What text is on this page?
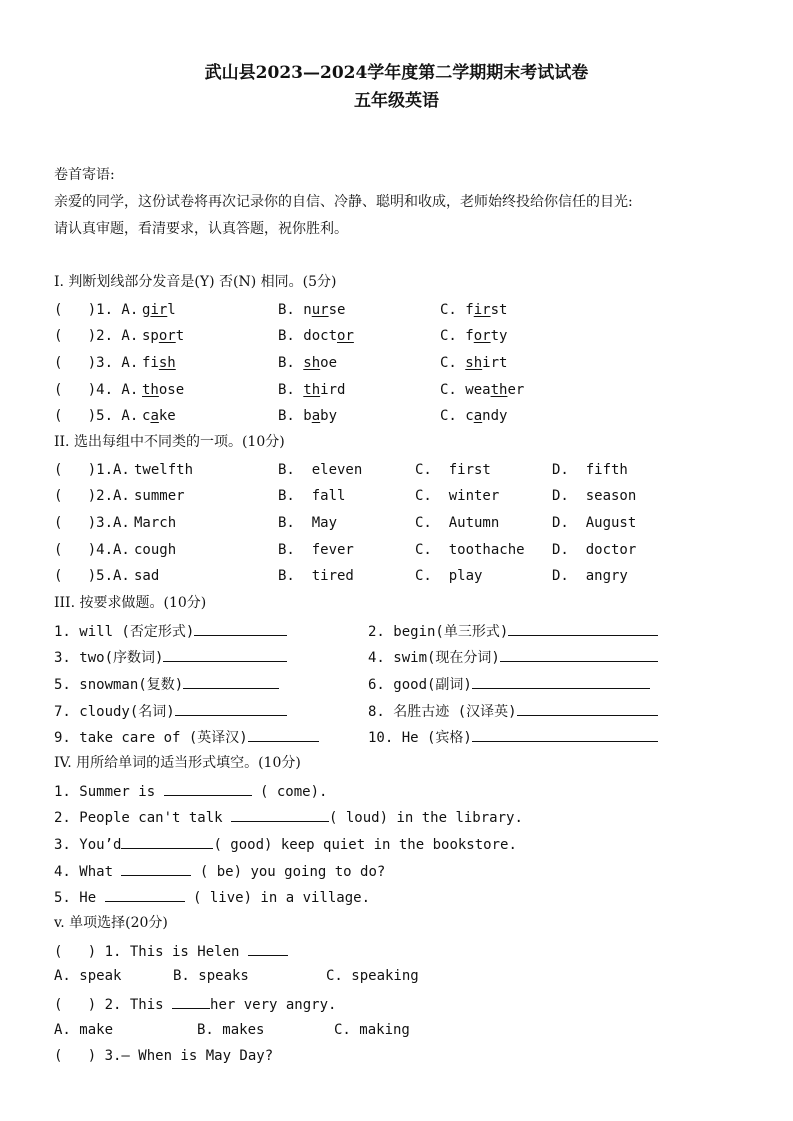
武山县2023—2024学年度第二学期期末考试试卷
五年级英语
卷首寄语:
亲爱的同学，这份试卷将再次记录你的自信、冷静、聪明和收成，老师始终投给你信任的目光:
请认真审题，看清要求，认真答题，祝你胜利。
I. 判断划线部分发音是(Y) 否(N) 相同。(5分)
(   )1. A. girl	B. nurse	C. first
(   )2. A. sport	B. doctor	C. forty
(   )3. A. fish	B. shoe	C. shirt
(   )4. A. those	B. third	C. weather
(   )5. A. cake	B. baby	C. candy
II. 选出每组中不同类的一项。(10分)
(   )1.A. twelfth	B.  eleven	C.  first	D.  fifth
(   )2.A. summer	B.  fall	C.  winter	D.  season
(   )3.A. March	B.  May	C.  Autumn	D.  August
(   )4.A. cough	B.  fever	C.  toothache D.  doctor
(   )5.A. sad	B.  tired	C.  play	D.  angry
III. 按要求做题。(10分)
1. will (否定形式)	2. begin(单三形式)
3. two(序数词)	4. swim(现在分词)
5. snowman(复数)	6. good(副词)
7. cloudy(名词)	8. 名胜古迹 (汉译英)
9. take care of (英译汉)	10. He (宾格)
IV. 用所给单词的适当形式填空。(10分)
1. Summer is	( come).
2. People can't talk	( loud) in the library.
3. You’d	( good) keep quiet in the bookstore.
4. What	( be) you going to do?
5. He	( live) in a village.
v. 单项选择(20分)
(   ) 1. This is Helen
A. speak	B. speaks	C. speaking
(   ) 2. This	her very angry.
A. make	B. makes	C. making
(   ) 3.— When is May Day?
